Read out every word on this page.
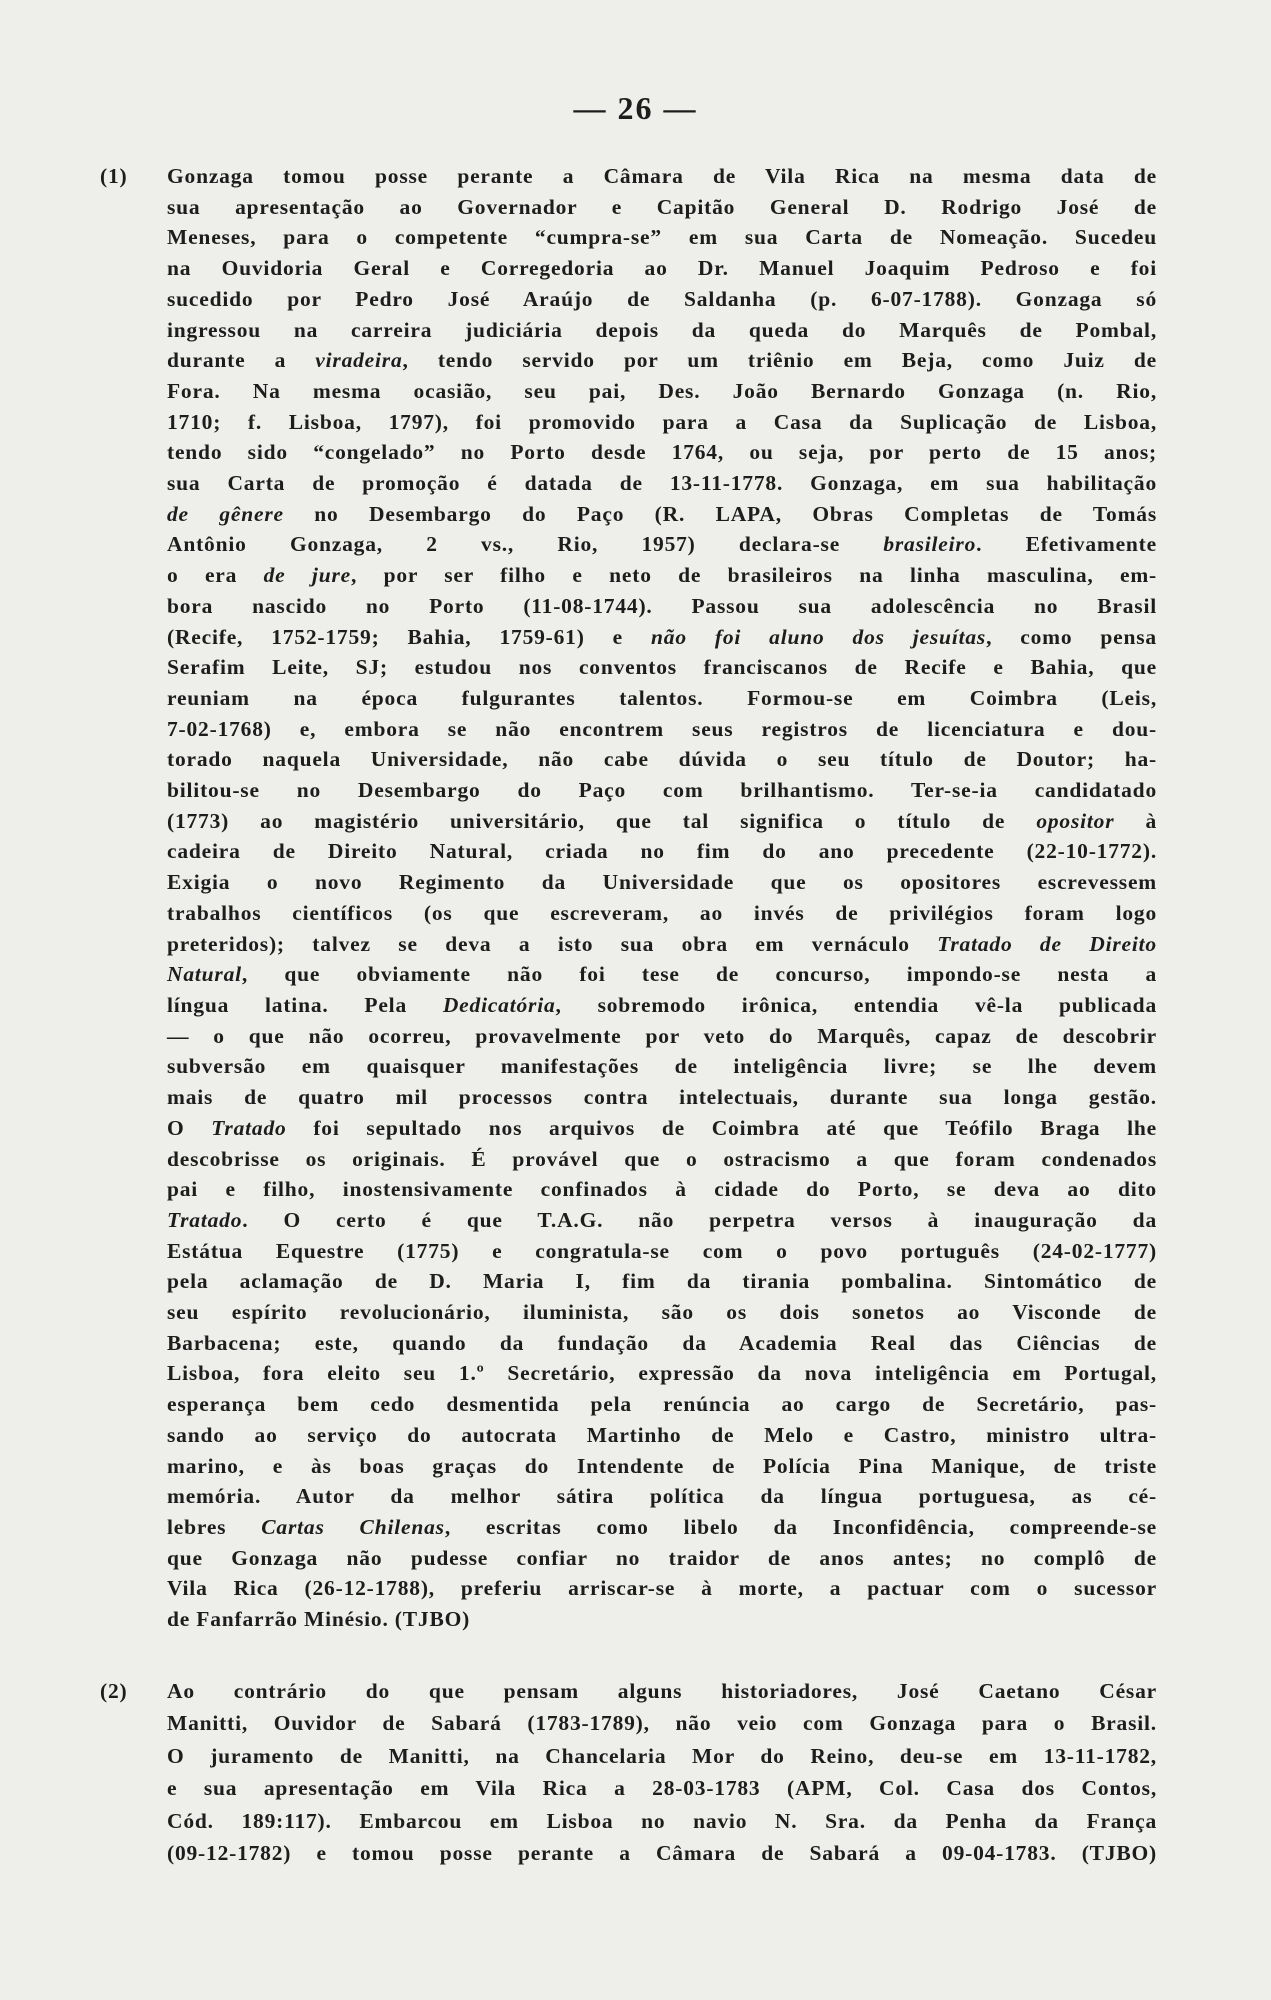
— 26 —
(1) Gonzaga tomou posse perante a Câmara de Vila Rica na mesma data de
sua apresentação ao Governador e Capitão General D. Rodrigo José de
Meneses, para o competente “cumpra-se” em sua Carta de Nomeação. Sucedeu
na Ouvidoria Geral e Corregedoria ao Dr. Manuel Joaquim Pedroso e foi
sucedido por Pedro José Araújo de Saldanha (p. 6-07-1788). Gonzaga só
ingressou na carreira judiciária depois da queda do Marquês de Pombal,
durante a viradeira, tendo servido por um triênio em Beja, como Juiz de
Fora. Na mesma ocasião, seu pai, Des. João Bernardo Gonzaga (n. Rio,
1710; f. Lisboa, 1797), foi promovido para a Casa da Suplicação de Lisboa,
tendo sido “congelado” no Porto desde 1764, ou seja, por perto de 15 anos;
sua Carta de promoção é datada de 13-11-1778. Gonzaga, em sua habilitação
de gênere no Desembargo do Paço (R. LAPA, Obras Completas de Tomás
Antônio Gonzaga, 2 vs., Rio, 1957) declara-se brasileiro. Efetivamente
o era de jure, por ser filho e neto de brasileiros na linha masculina, em-
bora nascido no Porto (11-08-1744). Passou sua adolescência no Brasil
(Recife, 1752-1759; Bahia, 1759-61) e não foi aluno dos jesuítas, como pensa
Serafim Leite, SJ; estudou nos conventos franciscanos de Recife e Bahia, que
reuniam na época fulgurantes talentos. Formou-se em Coimbra (Leis,
7-02-1768) e, embora se não encontrem seus registros de licenciatura e dou-
torado naquela Universidade, não cabe dúvida o seu título de Doutor; ha-
bilitou-se no Desembargo do Paço com brilhantismo. Ter-se-ia candidatado
(1773) ao magistério universitário, que tal significa o título de opositor à
cadeira de Direito Natural, criada no fim do ano precedente (22-10-1772).
Exigia o novo Regimento da Universidade que os opositores escrevessem
trabalhos científicos (os que escreveram, ao invés de privilégios foram logo
preteridos); talvez se deva a isto sua obra em vernáculo Tratado de Direito
Natural, que obviamente não foi tese de concurso, impondo-se nesta a
língua latina. Pela Dedicatória, sobremodo irônica, entendia vê-la publicada
— o que não ocorreu, provavelmente por veto do Marquês, capaz de descobrir
subversão em quaisquer manifestações de inteligência livre; se lhe devem
mais de quatro mil processos contra intelectuais, durante sua longa gestão.
O Tratado foi sepultado nos arquivos de Coimbra até que Teófilo Braga lhe
descobrisse os originais. É provável que o ostracismo a que foram condenados
pai e filho, inostensivamente confinados à cidade do Porto, se deva ao dito
Tratado. O certo é que T.A.G. não perpetra versos à inauguração da
Estátua Equestre (1775) e congratula-se com o povo português (24-02-1777)
pela aclamação de D. Maria I, fim da tirania pombalina. Sintomático de
seu espírito revolucionário, iluminista, são os dois sonetos ao Visconde de
Barbacena; este, quando da fundação da Academia Real das Ciências de
Lisboa, fora eleito seu 1.º Secretário, expressão da nova inteligência em Portugal,
esperança bem cedo desmentida pela renúncia ao cargo de Secretário, pas-
sando ao serviço do autocrata Martinho de Melo e Castro, ministro ultra-
marino, e às boas graças do Intendente de Polícia Pina Manique, de triste
memória. Autor da melhor sátira política da língua portuguesa, as cé-
lebres Cartas Chilenas, escritas como libelo da Inconfidência, compreende-se
que Gonzaga não pudesse confiar no traidor de anos antes; no complô de
Vila Rica (26-12-1788), preferiu arriscar-se à morte, a pactuar com o sucessor
de Fanfarrão Minésio. (TJBO)
(2) Ao contrário do que pensam alguns historiadores, José Caetano César
Manitti, Ouvidor de Sabará (1783-1789), não veio com Gonzaga para o Brasil.
O juramento de Manitti, na Chancelaria Mor do Reino, deu-se em 13-11-1782,
e sua apresentação em Vila Rica a 28-03-1783 (APM, Col. Casa dos Contos,
Cód. 189:117). Embarcou em Lisboa no navio N. Sra. da Penha da França
(09-12-1782) e tomou posse perante a Câmara de Sabará a 09-04-1783. (TJBO)
